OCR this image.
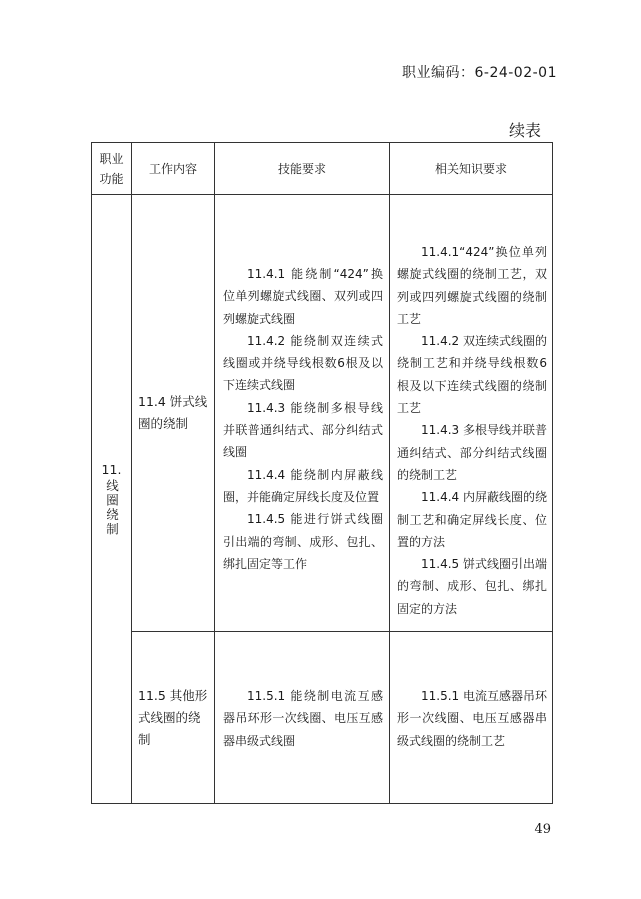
职业编码：6-24-02-01
续表
职业
功能
工作内容	技能要求	相关知识要求
11.
线圈绕制
11.4 饼式线圈的绕制

11.4.1 能绕制“424”换位单列螺旋式线圈、双列或四列螺旋式线圈

11.4.2 能绕制双连续式线圈或并绕导线根数6根及以下连续式线圈

11.4.3 能绕制多根导线并联普通纠结式、部分纠结式线圈

11.4.4 能绕制内屏蔽线圈，并能确定屏线长度及位置

11.4.5 能进行饼式线圈引出端的弯制、成形、包扎、绑扎固定等工作

11.4.1“424”换位单列螺旋式线圈的绕制工艺，双列或四列螺旋式线圈的绕制工艺

11.4.2 双连续式线圈的绕制工艺和并绕导线根数6根及以下连续式线圈的绕制工艺

11.4.3 多根导线并联普通纠结式、部分纠结式线圈的绕制工艺

11.4.4 内屏蔽线圈的绕制工艺和确定屏线长度、位置的方法

11.4.5 饼式线圈引出端的弯制、成形、包扎、绑扎固定的方法

11.5 其他形式线圈的绕制

11.5.1 能绕制电流互感器吊环形一次线圈、电压互感器串级式线圈

11.5.1 电流互感器吊环形一次线圈、电压互感器串级式线圈的绕制工艺

49
